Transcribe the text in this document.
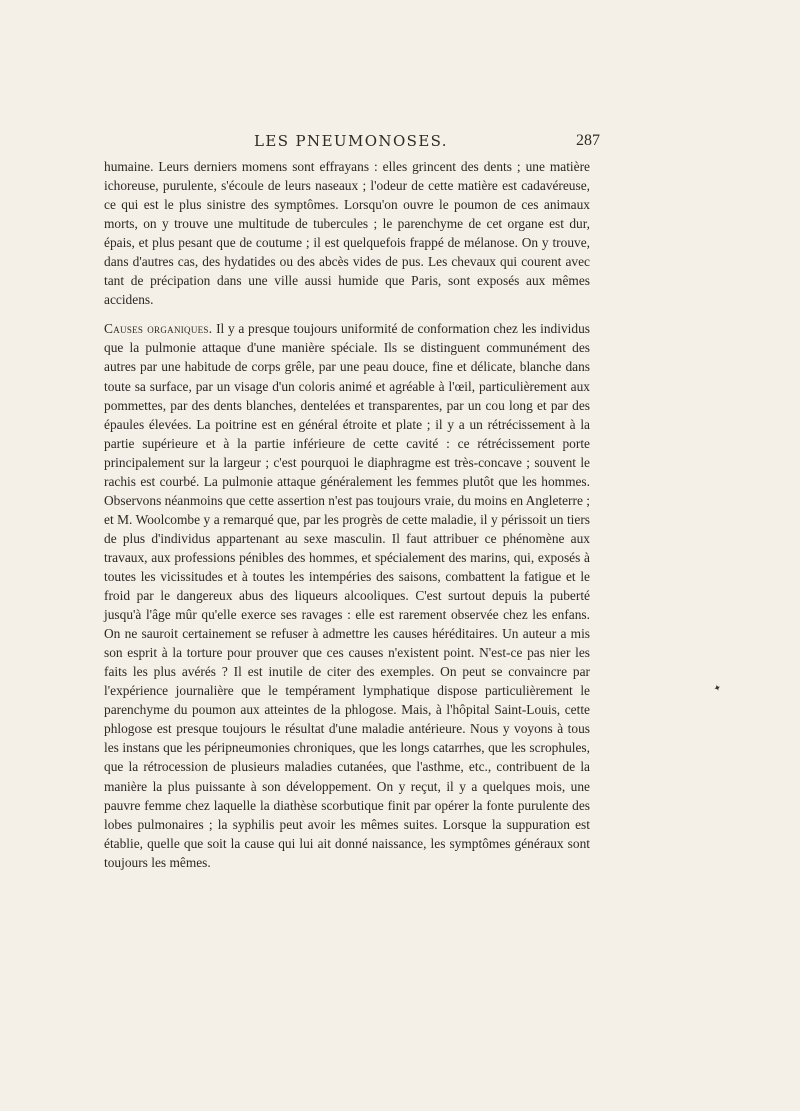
LES PNEUMONOSES.	287

humaine. Leurs derniers momens sont effrayans : elles grincent des dents ; une matière ichoreuse, purulente, s'écoule de leurs naseaux ; l'odeur de cette matière est cadavéreuse, ce qui est le plus sinistre des symptômes. Lorsqu'on ouvre le poumon de ces animaux morts, on y trouve une multitude de tubercules ; le parenchyme de cet organe est dur, épais, et plus pesant que de coutume ; il est quelquefois frappé de mélanose. On y trouve, dans d'autres cas, des hydatides ou des abcès vides de pus. Les chevaux qui courent avec tant de précipation dans une ville aussi humide que Paris, sont exposés aux mêmes accidens.

Causes organiques. Il y a presque toujours uniformité de conformation chez les individus que la pulmonie attaque d'une manière spéciale. Ils se distinguent communément des autres par une habitude de corps grêle, par une peau douce, fine et délicate, blanche dans toute sa surface, par un visage d'un coloris animé et agréable à l'œil, particulièrement aux pommettes, par des dents blanches, dentelées et transparentes, par un cou long et par des épaules élevées. La poitrine est en général étroite et plate ; il y a un rétrécissement à la partie supérieure et à la partie inférieure de cette cavité : ce rétrécissement porte principalement sur la largeur ; c'est pourquoi le diaphragme est très-concave ; souvent le rachis est courbé. La pulmonie attaque généralement les femmes plutôt que les hommes. Observons néanmoins que cette assertion n'est pas toujours vraie, du moins en Angleterre ; et M. Woolcombe y a remarqué que, par les progrès de cette maladie, il y périssoit un tiers de plus d'individus appartenant au sexe masculin. Il faut attribuer ce phénomène aux travaux, aux professions pénibles des hommes, et spécialement des marins, qui, exposés à toutes les vicissitudes et à toutes les intempéries des saisons, combattent la fatigue et le froid par le dangereux abus des liqueurs alcooliques. C'est surtout depuis la puberté jusqu'à l'âge mûr qu'elle exerce ses ravages : elle est rarement observée chez les enfans. On ne sauroit certainement se refuser à admettre les causes héréditaires. Un auteur a mis son esprit à la torture pour prouver que ces causes n'existent point. N'est-ce pas nier les faits les plus avérés ? Il est inutile de citer des exemples. On peut se convaincre par l'expérience journalière que le tempérament lymphatique dispose particulièrement le parenchyme du poumon aux atteintes de la phlogose. Mais, à l'hôpital Saint-Louis, cette phlogose est presque toujours le résultat d'une maladie antérieure. Nous y voyons à tous les instans que les péripneumonies chroniques, que les longs catarrhes, que les scrophules, que la rétrocession de plusieurs maladies cutanées, que l'asthme, etc., contribuent de la manière la plus puissante à son développement. On y reçut, il y a quelques mois, une pauvre femme chez laquelle la diathèse scorbutique finit par opérer la fonte purulente des lobes pulmonaires ; la syphilis peut avoir les mêmes suites. Lorsque la suppuration est établie, quelle que soit la cause qui lui ait donné naissance, les symptômes généraux sont toujours les mêmes.

✦
